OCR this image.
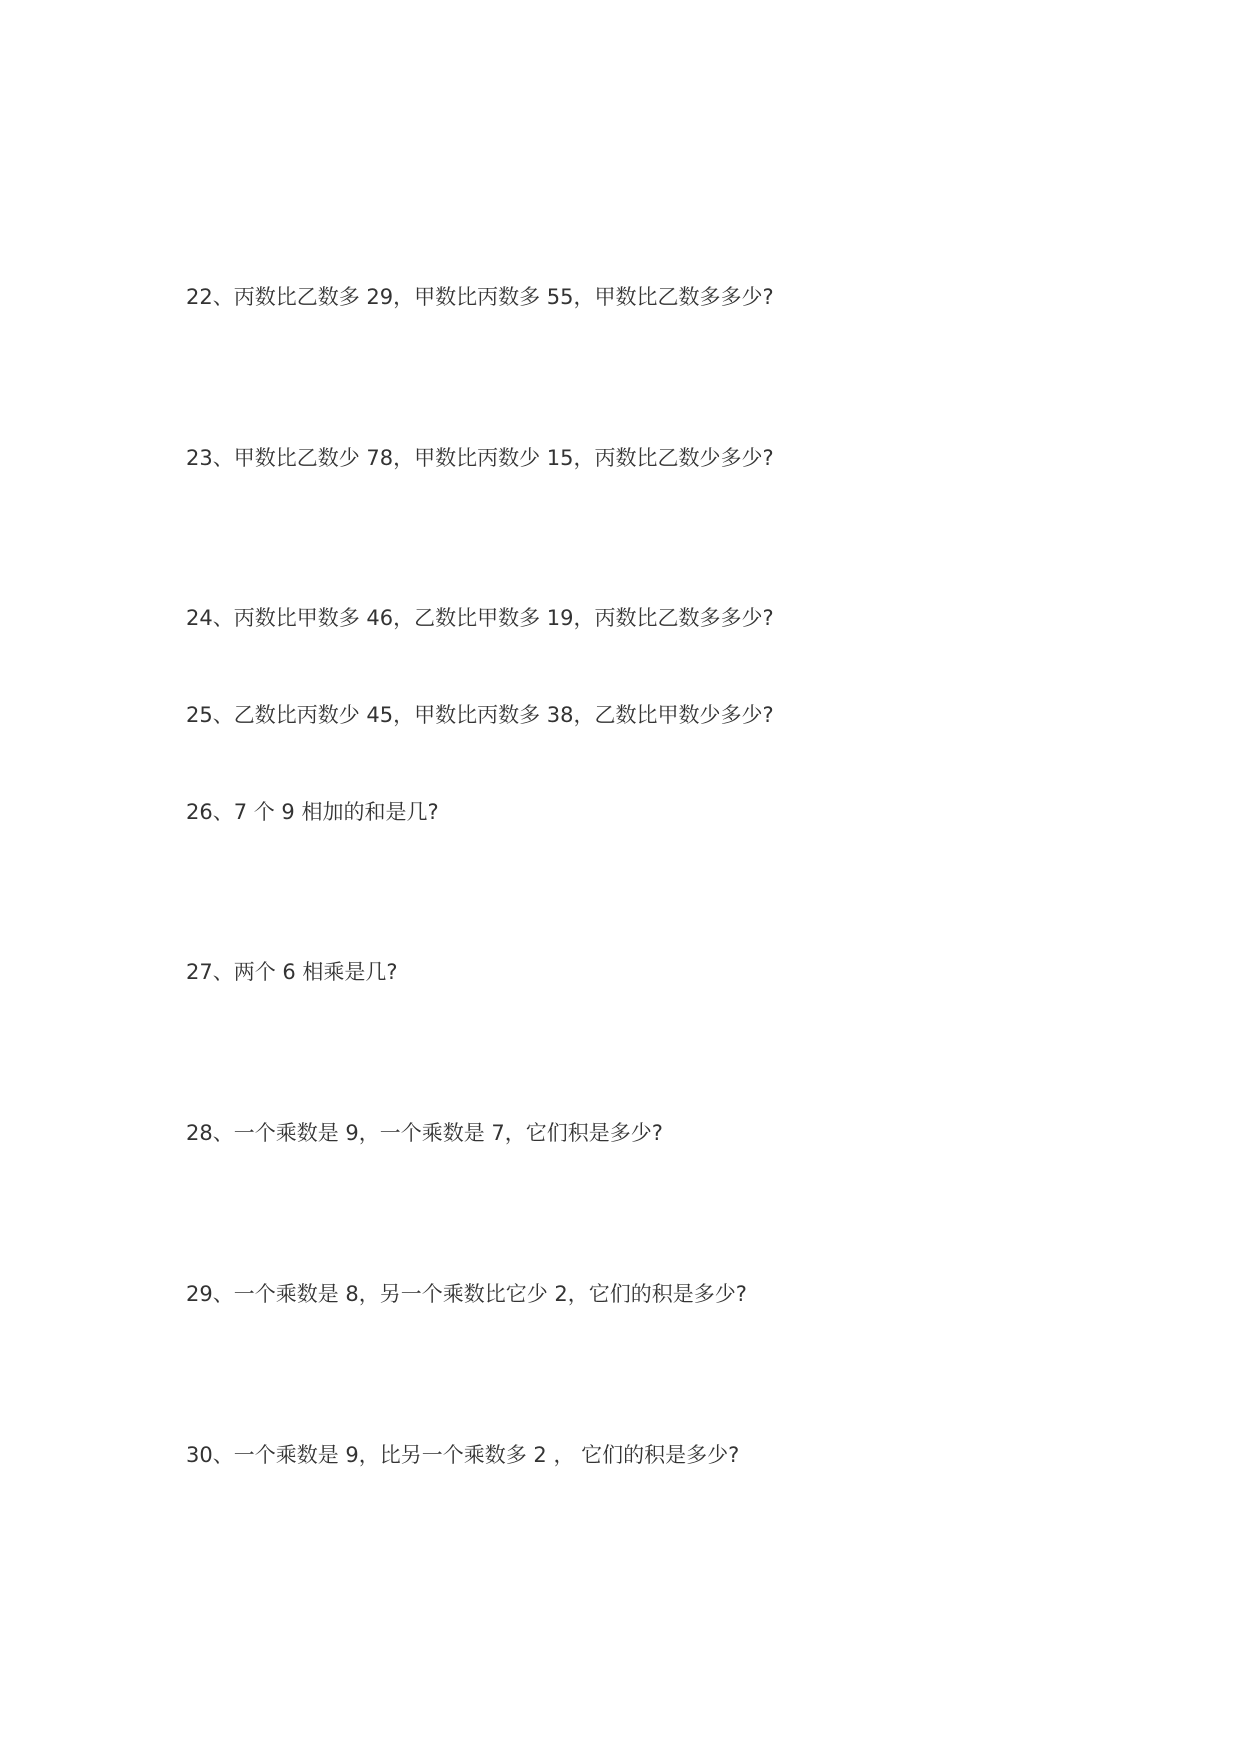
22、丙数比乙数多 29，甲数比丙数多 55，甲数比乙数多多少?

23、甲数比乙数少 78，甲数比丙数少 15，丙数比乙数少多少?

24、丙数比甲数多 46，乙数比甲数多 19，丙数比乙数多多少?

25、乙数比丙数少 45，甲数比丙数多 38，乙数比甲数少多少?

26、7 个 9 相加的和是几?

27、两个 6 相乘是几?

28、一个乘数是 9，一个乘数是 7，它们积是多少?

29、一个乘数是 8，另一个乘数比它少 2，它们的积是多少?

30、一个乘数是 9，比另一个乘数多 2 ， 它们的积是多少?
